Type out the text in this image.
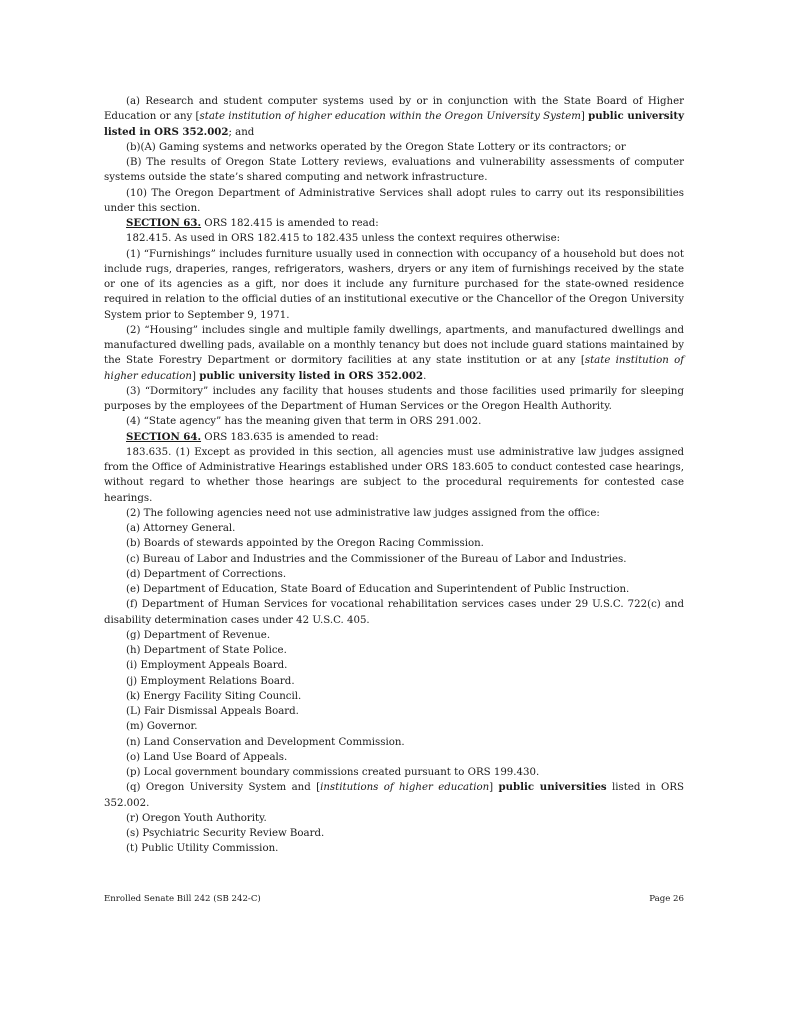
(a) Research and student computer systems used by or in conjunction with the State Board of Higher Education or any [state institution of higher education within the Oregon University System] public university listed in ORS 352.002; and

(b)(A) Gaming systems and networks operated by the Oregon State Lottery or its contractors; or

(B) The results of Oregon State Lottery reviews, evaluations and vulnerability assessments of computer systems outside the state’s shared computing and network infrastructure.

(10) The Oregon Department of Administrative Services shall adopt rules to carry out its responsibilities under this section.

SECTION 63. ORS 182.415 is amended to read:

182.415. As used in ORS 182.415 to 182.435 unless the context requires otherwise:

(1) “Furnishings” includes furniture usually used in connection with occupancy of a household but does not include rugs, draperies, ranges, refrigerators, washers, dryers or any item of furnishings received by the state or one of its agencies as a gift, nor does it include any furniture purchased for the state-owned residence required in relation to the official duties of an institutional executive or the Chancellor of the Oregon University System prior to September 9, 1971.

(2) “Housing” includes single and multiple family dwellings, apartments, and manufactured dwellings and manufactured dwelling pads, available on a monthly tenancy but does not include guard stations maintained by the State Forestry Department or dormitory facilities at any state institution or at any [state institution of higher education] public university listed in ORS 352.002.

(3) “Dormitory” includes any facility that houses students and those facilities used primarily for sleeping purposes by the employees of the Department of Human Services or the Oregon Health Authority.

(4) “State agency” has the meaning given that term in ORS 291.002.

SECTION 64. ORS 183.635 is amended to read:

183.635. (1) Except as provided in this section, all agencies must use administrative law judges assigned from the Office of Administrative Hearings established under ORS 183.605 to conduct contested case hearings, without regard to whether those hearings are subject to the procedural requirements for contested case hearings.

(2) The following agencies need not use administrative law judges assigned from the office:

(a) Attorney General.

(b) Boards of stewards appointed by the Oregon Racing Commission.

(c) Bureau of Labor and Industries and the Commissioner of the Bureau of Labor and Industries.

(d) Department of Corrections.

(e) Department of Education, State Board of Education and Superintendent of Public Instruction.

(f) Department of Human Services for vocational rehabilitation services cases under 29 U.S.C. 722(c) and disability determination cases under 42 U.S.C. 405.

(g) Department of Revenue.

(h) Department of State Police.

(i) Employment Appeals Board.

(j) Employment Relations Board.

(k) Energy Facility Siting Council.

(L) Fair Dismissal Appeals Board.

(m) Governor.

(n) Land Conservation and Development Commission.

(o) Land Use Board of Appeals.

(p) Local government boundary commissions created pursuant to ORS 199.430.

(q) Oregon University System and [institutions of higher education] public universities listed in ORS 352.002.

(r) Oregon Youth Authority.

(s) Psychiatric Security Review Board.

(t) Public Utility Commission.

Enrolled Senate Bill 242 (SB 242-C)	Page 26
